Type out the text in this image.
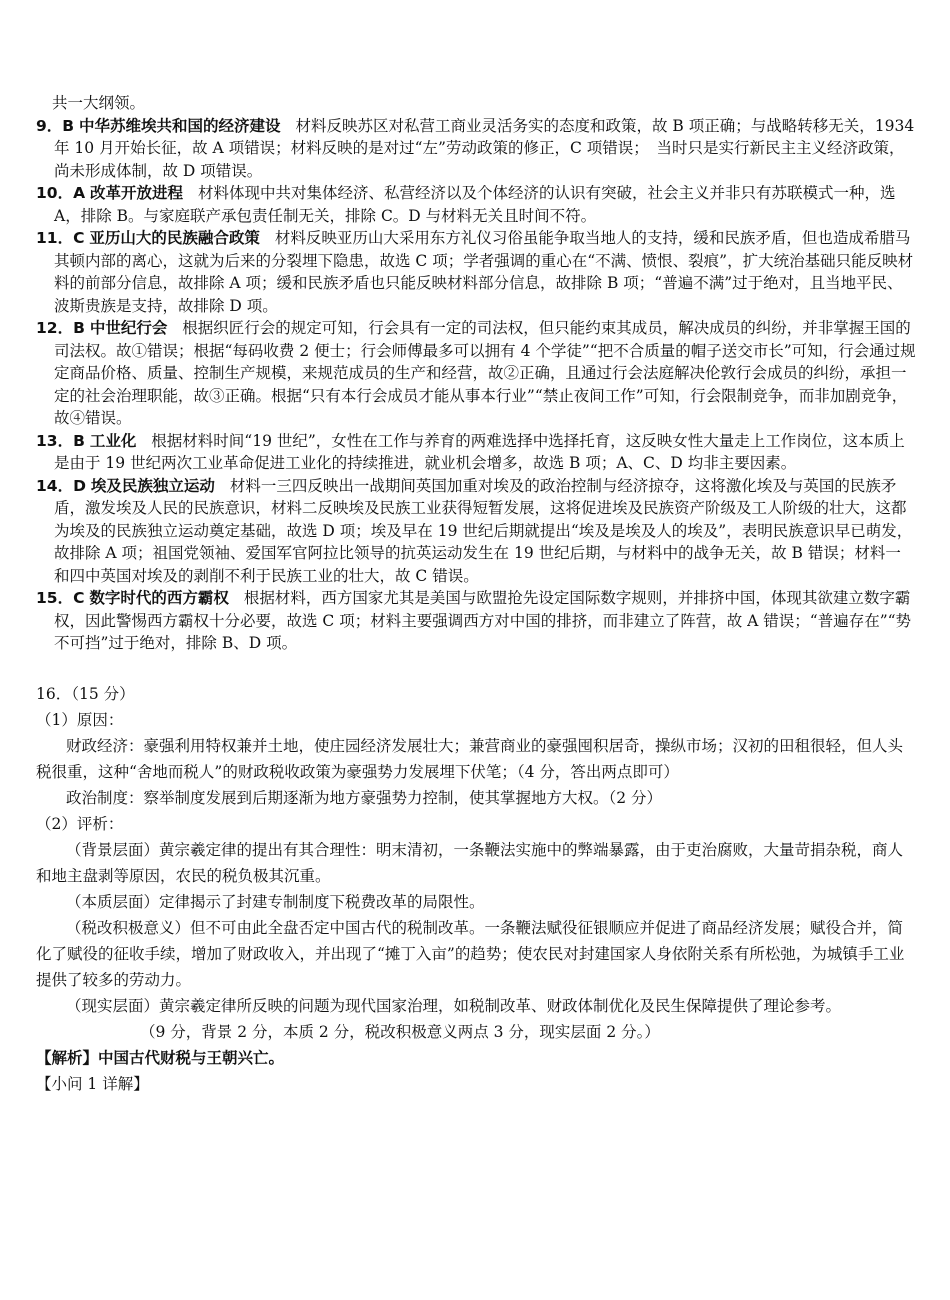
共一大纲领。
9．B 中华苏维埃共和国的经济建设 材料反映苏区对私营工商业灵活务实的态度和政策，故 B 项正确；与战略转移无关，1934 年 10 月开始长征，故 A 项错误；材料反映的是对过“左”劳动政策的修正，C 项错误；　当时只是实行新民主主义经济政策，尚未形成体制，故 D 项错误。
10．A 改革开放进程 材料体现中共对集体经济、私营经济以及个体经济的认识有突破，社会主义并非只有苏联模式一种，选 A，排除 B。与家庭联产承包责任制无关，排除 C。D 与材料无关且时间不符。
11．C 亚历山大的民族融合政策 材料反映亚历山大采用东方礼仪习俗虽能争取当地人的支持，缓和民族矛盾，但也造成希腊马其顿内部的离心，这就为后来的分裂埋下隐患，故选 C 项；学者强调的重心在“不满、愤恨、裂痕”，扩大统治基础只能反映材料的前部分信息，故排除 A 项；缓和民族矛盾也只能反映材料部分信息，故排除 B 项；“普遍不满”过于绝对，且当地平民、波斯贵族是支持，故排除 D 项。
12．B 中世纪行会 根据织匠行会的规定可知，行会具有一定的司法权，但只能约束其成员，解决成员的纠纷，并非掌握王国的司法权。故①错误；根据“每码收费 2 便士；行会师傅最多可以拥有 4 个学徒”“把不合质量的帽子送交市长”可知，行会通过规定商品价格、质量、控制生产规模，来规范成员的生产和经营，故②正确，且通过行会法庭解决伦敦行会成员的纠纷，承担一定的社会治理职能，故③正确。根据“只有本行会成员才能从事本行业”“禁止夜间工作”可知，行会限制竞争，而非加剧竞争，故④错误。
13．B 工业化 根据材料时间“19 世纪”，女性在工作与养育的两难选择中选择托育，这反映女性大量走上工作岗位，这本质上是由于 19 世纪两次工业革命促进工业化的持续推进，就业机会增多，故选 B 项；A、C、D 均非主要因素。
14．D 埃及民族独立运动 材料一三四反映出一战期间英国加重对埃及的政治控制与经济掠夺，这将激化埃及与英国的民族矛盾，激发埃及人民的民族意识，材料二反映埃及民族工业获得短暂发展，这将促进埃及民族资产阶级及工人阶级的壮大，这都为埃及的民族独立运动奠定基础，故选 D 项；埃及早在 19 世纪后期就提出“埃及是埃及人的埃及”，表明民族意识早已萌发，故排除 A 项；祖国党领袖、爱国军官阿拉比领导的抗英运动发生在 19 世纪后期，与材料中的战争无关，故 B 错误；材料一和四中英国对埃及的剥削不利于民族工业的壮大，故 C 错误。
15．C 数字时代的西方霸权 根据材料，西方国家尤其是美国与欧盟抢先设定国际数字规则，并排挤中国，体现其欲建立数字霸权，因此警惕西方霸权十分必要，故选 C 项；材料主要强调西方对中国的排挤，而非建立了阵营，故 A 错误；“普遍存在”“势不可挡”过于绝对，排除 B、D 项。
16．（15 分）
（1）原因：
财政经济：豪强利用特权兼并土地，使庄园经济发展壮大；兼营商业的豪强囤积居奇，操纵市场；汉初的田租很轻，但人头税很重，这种“舍地而税人”的财政税收政策为豪强势力发展埋下伏笔；（4 分，答出两点即可）
政治制度：察举制度发展到后期逐渐为地方豪强势力控制，使其掌握地方大权。（2 分）
（2）评析：
（背景层面）黄宗羲定律的提出有其合理性：明末清初，一条鞭法实施中的弊端暴露，由于吏治腐败，大量苛捐杂税，商人和地主盘剥等原因，农民的税负极其沉重。
（本质层面）定律揭示了封建专制制度下税费改革的局限性。
（税改积极意义）但不可由此全盘否定中国古代的税制改革。一条鞭法赋役征银顺应并促进了商品经济发展；赋役合并，简化了赋役的征收手续，增加了财政收入，并出现了“摊丁入亩”的趋势；使农民对封建国家人身依附关系有所松弛，为城镇手工业提供了较多的劳动力。
（现实层面）黄宗羲定律所反映的问题为现代国家治理，如税制改革、财政体制优化及民生保障提供了理论参考。
（9 分，背景 2 分，本质 2 分，税改积极意义两点 3 分，现实层面 2 分。）
【解析】中国古代财税与王朝兴亡。
【小问 1 详解】
